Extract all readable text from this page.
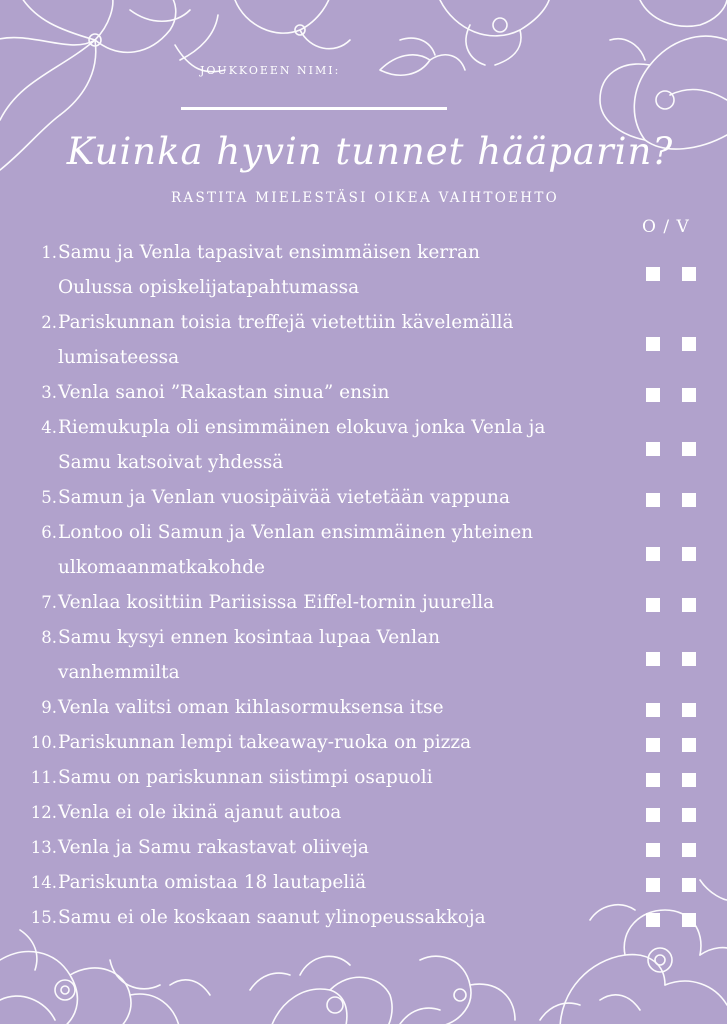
JOUKKOEEN NIMI:
Kuinka hyvin tunnet hääparin?
RASTITA MIELESTÄSI OIKEA VAIHTOEHTO
O / V
1. Samu ja Venla tapasivat ensimmäisen kerran
Oulussa opiskelijatapahtumassa
2. Pariskunnan toisia treffejä vietettiin kävelemällä
lumisateessa
3. Venla sanoi ”Rakastan sinua” ensin
4. Riemukupla oli ensimmäinen elokuva jonka Venla ja
Samu katsoivat yhdessä
5. Samun ja Venlan vuosipäivää vietetään vappuna
6. Lontoo oli Samun ja Venlan ensimmäinen yhteinen
ulkomaanmatkakohde
7. Venlaa kosittiin Pariisissa Eiffel-tornin juurella
8. Samu kysyi ennen kosintaa lupaa Venlan
vanhemmilta
9. Venla valitsi oman kihlasormuksensa itse
10. Pariskunnan lempi takeaway-ruoka on pizza
11. Samu on pariskunnan siistimpi osapuoli
12. Venla ei ole ikinä ajanut autoa
13. Venla ja Samu rakastavat oliiveja
14. Pariskunta omistaa 18 lautapeliä
15. Samu ei ole koskaan saanut ylinopeussakkoja
